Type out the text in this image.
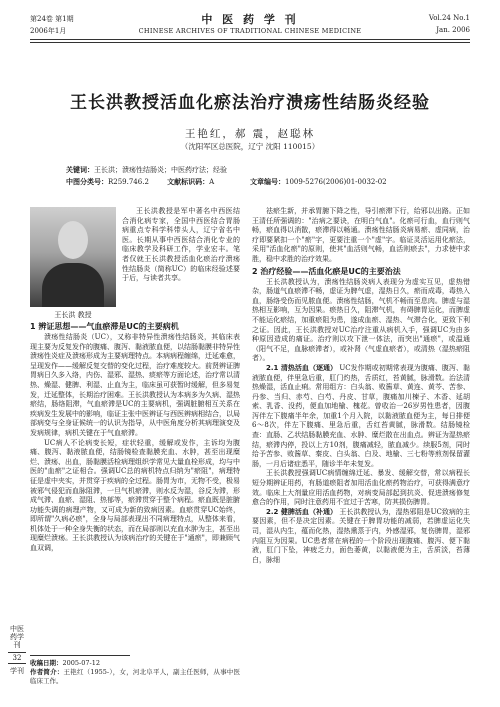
第24卷 第1期
2006年1月
中 医 药 学 刊
CHINESE ARCHIVES OF TRADITIONAL CHINESE MEDICINE
Vol.24 No.1
Jan. 2006
王长洪教授活血化瘀法治疗溃疡性结肠炎经验
王艳红，郝 震，赵聪林
（沈阳军区总医院，辽宁 沈阳 110015）
关键词：王长洪；溃疡性结肠炎；中医药疗法；经验
中图分类号：R259.746.2	文献标识码：A	文章编号：1009-5276(2006)01-0032-02
王长洪 教授

王长洪教授是军中著名中西医结合消化病专家，全国中西医结合胃肠病重点专科学科带头人，辽宁省名中医。长期从事中西医结合消化专业的临床教学及科研工作，学业宏丰。笔者仅就王长洪教授活血化瘀治疗溃疡性结肠炎（简称UC）的临床经验述要于后，与读者共享。

1 辨证思想——气血瘀滞是UC的主要病机

溃疡性结肠炎（UC），又称非特异性溃疡性结肠炎，其临床表现主要为反复发作的腹痛、腹泻、黏液脓血便，以结肠黏膜非特异性溃疡性炎症及溃疡形成为主要病理特点。本病病程缠绵，迁延难愈，呈现发作——缓解反复交替的变化过程，治疗难度较大。前贤辨证脾胃病日久多入络，内伤、湿邪、湿热、痰瘀等方面论述，治疗常以清热、燥湿、健脾、利湿、止血为主，临床虽可获暂时缓解，但多易复发，迁延整体，长期治疗困难。王长洪教授认为本病多为久病、湿热瘀结，肠络阻滞，气血瘀滞是UC的主要病机，强调脏腑相互关系在疾病发生发展中的影响，临证主张中医辨证与西医辨病相结合，以局部病变与全身证候统一的认识为指导，从中医角度分析其病理演变及发病规律，病机关键在于气血瘀滞。

UC病人不论病变长短，症状轻重，缓解或发作，主诉均为腹痛、腹泻、黏液脓血便，结肠镜检查黏膜充血、水肿，甚至出现糜烂、溃疡、出血，肠黏膜活检病理组织学常见大量血栓形成，均与中医的"血瘀"之证相合。强调UC总的病机特点归纳为"瘀阻"，病理特征是虚中夹实，并贯穿于疾病的全过程。肠胃为市，无物不受，极易被邪气侵犯而血脉阻滞，一旦气机瘀滞，则水反为湿，谷反为滞，形成气滞、血瘀、湿阻、热郁等，瘀滞贯穿于整个病程。瘀血既是脏腑功能失调的病理产物，又可成为新的致病因素。血瘀贯穿UC始终，即所谓"久病必瘀"，全身与局部表现出不同病理特点，从整体来看，机体处于一种全身失衡的状态，而在局部则以充血水肿为主，甚至出现糜烂溃疡。王长洪教授认为该病治疗的关键在于"通瘀"，即兼顾气血双调，

收稿日期：2005-07-12
作者简介：王艳红（1955-），女，河北阜平人，副主任医师，从事中医临床工作。

祛瘀生新，并承胃腑下降之性，导引瘀滞下行，给邪以出路。正如王清任所强调的："治病之要诀，在明白气血"。化瘀可行血，血行则气畅，瘀血得以消散，瘀滞得以畅通。溃疡性结肠炎病易瘀、虚同病，治疗即要紧扣一个"瘀"字，更要注重一个"虚"字。临证灵活运用化瘀法，采用"活血化瘀"的原则，使其"血活则气畅，血活则瘀去"，力求使中求胜，稳中求胜的治疗效果。

2 治疗经验——活血化瘀是UC的主要治法

王长洪教授认为，溃疡性结肠炎病人表现分为虚实互见，虚热错杂，肠道气血瘀滞不畅，虚证为脾气虚，湿热日久，瘀而成毒，毒热入血，肠络受伤而见脓血便。溃疡性结肠，气机不畅而至息肉。脾虚与湿热相互影响，互为因果。瘀热日久，阻滞气机，有碍脾胃运化，而脾虚不能运化瘀结，加重瘀阻为患，遂成血瘀、湿热、气滞合化，更致下利之证。因此，王长洪教授对UC治疗注重从病机入手，强调UC为由多种原因造成的痛证。治疗则以攻下泄一体法，而突出"通瘀"，或温通（阳气不足，血脉瘀滞者），或补肾（气虚血瘀者），或清热（湿热瘀阻者）。

2.1 清热活血（逐通） UC发作期或初期常表现为腹痛、腹泻、黏液脓血便，伴里急后重，肛门灼热，舌质红，苔黄腻，脉滑数。治法清热燥湿，活血止痢。常用组方：白头翁、败酱草、黄连、黄芩、苦参、丹参、当归、赤芍、白芍、丹皮、甘草，腹痛加川楝子、木香、延胡索、乳香、没药，便血加地榆、槐花。曾收治一26岁男性患者，因腹泻伴左下腹痛半年余，加重1个月入院，以黏液脓血便为主，每日排便6～8次，伴左下腹痛、里急后重，舌红苔黄腻，脉滑数。结肠镜检查：直肠、乙状结肠黏膜充血、水肿、糜烂散在出血点。辨证为湿热瘀结，瘀滞内停，投以上方10剂，腹痛减轻，脓血减少。续服5剂，同时给予苦参、败酱草、秦皮、白头翁、白及、地榆、三七粉等煎剂保留灌肠，一月后诸症悉平，随诊半年未复发。

王长洪教授强调UC病情缠绵迁延、暴发、缓解交替，常以病程长短分期辨证用药，有肠道瘀阻者加用活血化瘀药物治疗，可获得满意疗效。临床上大剂量应用活血药物，对病变局部起到抗炎、促进溃疡修复愈合的作用，同时注意药用不宜过于苦寒，防其损伤脾胃。

2.2 健脾活血（补通） 王长洪教授认为，湿热邪阻是UC致病的主要因素，但不是决定因素。关键在于脾胃功能的减弱，若脾虚运化失司，湿从内生，蕴而化热，湿热熏蒸于内，外感湿邪，复伤脾胃，湿邪内阻互为因果。UC患者常在病程的一个阶段出现腹痛、腹泻、便下黏液，肛门下坠，神疲乏力，面色萎黄，以黏液便为主，舌质淡，苔薄白，脉细

中医药学刊
32
学刊
